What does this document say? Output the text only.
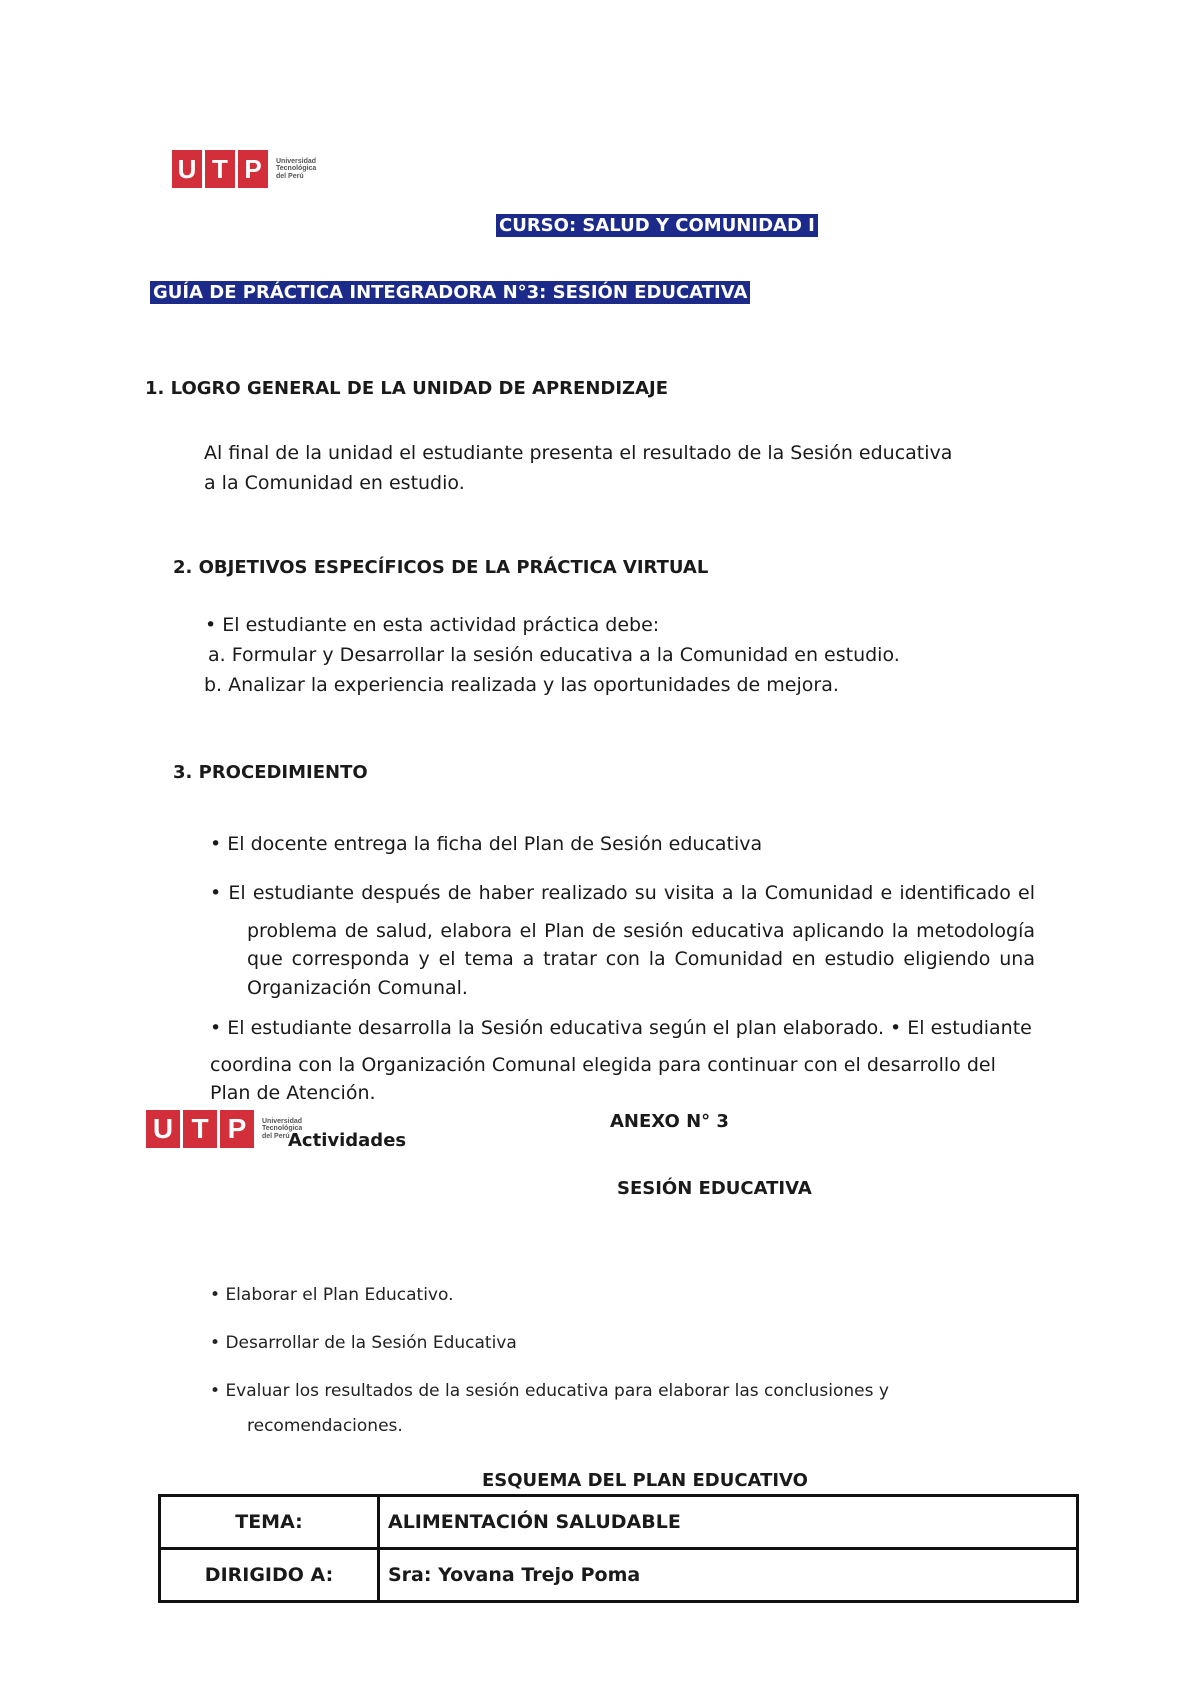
U T P	Universidad
Tecnológica
del Perú
CURSO: SALUD Y COMUNIDAD I
GUÍA DE PRÁCTICA INTEGRADORA N°3: SESIÓN EDUCATIVA
1. LOGRO GENERAL DE LA UNIDAD DE APRENDIZAJE
Al final de la unidad el estudiante presenta el resultado de la Sesión educativa
a la Comunidad en estudio.
2. OBJETIVOS ESPECÍFICOS DE LA PRÁCTICA VIRTUAL
• El estudiante en esta actividad práctica debe:
a. Formular y Desarrollar la sesión educativa a la Comunidad en estudio.
b. Analizar la experiencia realizada y las oportunidades de mejora.
3. PROCEDIMIENTO
• El docente entrega la ficha del Plan de Sesión educativa
• El estudiante después de haber realizado su visita a la Comunidad e identificado el
problema de salud, elabora el Plan de sesión educativa aplicando la metodología
que corresponda y el tema a tratar con la Comunidad en estudio eligiendo una
Organización Comunal.
• El estudiante desarrolla la Sesión educativa según el plan elaborado. • El estudiante
coordina con la Organización Comunal elegida para continuar con el desarrollo del
Plan de Atención.
U T P	Universidad
Tecnológica
del Perú
Actividades
ANEXO N° 3
SESIÓN EDUCATIVA
• Elaborar el Plan Educativo.
• Desarrollar de la Sesión Educativa
• Evaluar los resultados de la sesión educativa para elaborar las conclusiones y
recomendaciones.
ESQUEMA DEL PLAN EDUCATIVO
TEMA:	ALIMENTACIÓN SALUDABLE
DIRIGIDO A:	Sra: Yovana Trejo Poma
